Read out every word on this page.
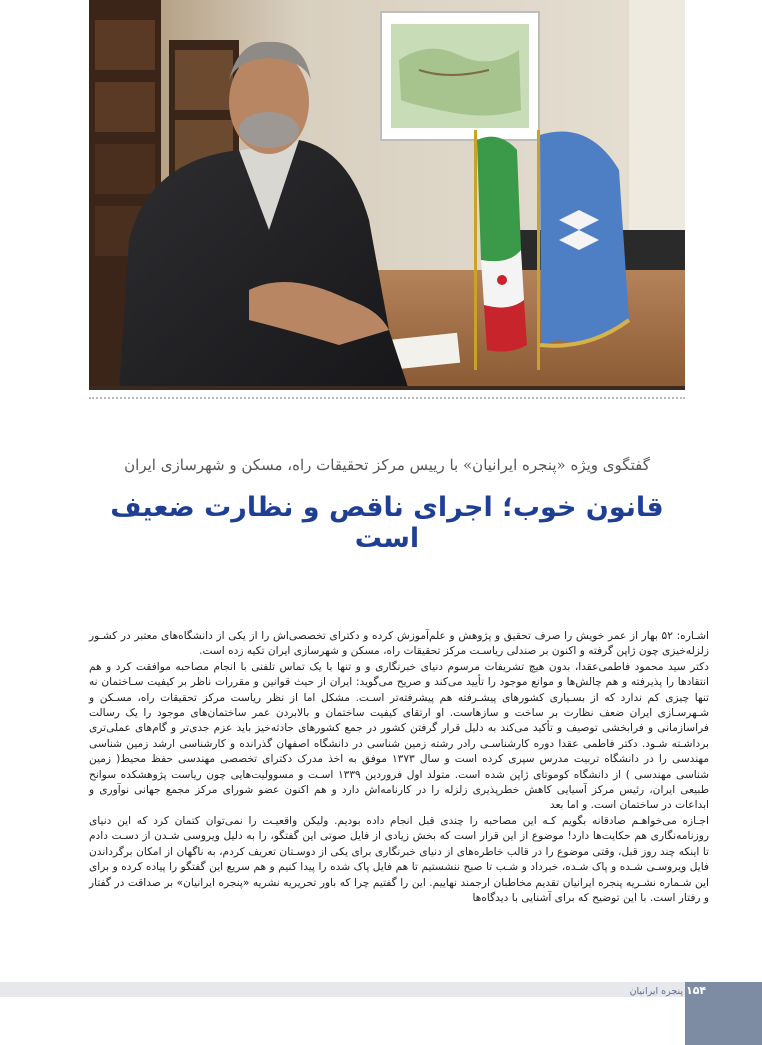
گفتگوی ویژه «پنجره ایرانیان» با رییس مرکز تحقیقات راه، مسکن و شهرسازی ایران
قانون خوب؛ اجرای ناقص و نظارت ضعیف است

اشـاره: ۵۲ بهار از عمر خویش را صرف تحقیق و پژوهش و علم‌آموزش کرده و دکترای تخصصی‌اش را از یکی از دانشگاه‌های معتبر در کشـور زلزله‌خیزی چون ژاپن گرفته و اکنون بر صندلی ریاسـت مرکز تحقیقات راه، مسکن و شهرسازی ایران تکیه زده است.

دکتر سید محمود فاطمی‌عقدا، بدون هیچ تشریفات مرسوم دنیای خبرنگاری و و تنها با یک تماس تلفنی با انجام مصاحبه موافقت کرد و هم انتقادها را پذیرفته و هم چالش‌ها و موانع موجود را تأیید می‌کند و صریح می‌گوید: ایران از حیث قوانین و مقررات ناظر بر کیفیت سـاختمان نه تنها چیزی کم ندارد که از بسـیاری کشورهای پیشـرفته هم پیشرفته‌تر اسـت. مشکل اما از نظر ریاست مرکز تحقیقات راه، مسـکن و شـهرسـازی ایران ضعف نظارت بر ساخت و سازهاست. او ارتقای کیفیت ساختمان و بالابردن عمر ساختمان‌های موجود را یک رسالت فراسازمانی و فرابخشی توصیف و تأکید می‌کند به دلیل قرار گرفتن کشور در جمع کشورهای حادثه‌خیز باید عزم جدی‌تر و گام‌های عملی‌تری برداشـته شـود. دکتر فاطمی عقدا دوره کارشناسـی رادر رشته زمین شناسی در دانشگاه اصفهان گذرانده و کارشناسی ارشد زمین شناسی مهندسی را در دانشگاه تربیت مدرس سپری کرده است و سال ۱۳۷۳ موفق به اخذ مدرک دکترای تخصصی مهندسی حفظ محیط( زمین شناسی مهندسی ) از دانشگاه کوموتای ژاپن شده است. متولد اول فروردین ۱۳۳۹ اسـت و مسوولیت‌هایی چون ریاست پژوهشکده سوانح طبیعی ایران، رئیس مرکز آسیایی کاهش خطرپذیری زلزله را در کارنامه‌اش دارد و هم اکنون عضو شورای مرکز مجمع جهانی نوآوری و ابداعات در ساختمان است. و اما بعد

اجـازه می‌خواهـم صادقانه بگویم کـه این مصاحبه را چندی قبل انجام داده بودیم. ولیکن واقعیـت را نمی‌توان کتمان کرد که این دنیای روزنامه‌نگاری هم حکایت‌ها دارد! موضوع از این قرار است که بخش زیادی از فایل صوتی این گفتگو، را به دلیل ویروسی شـدن از دسـت دادم تا اینکه چند روز قبل، وقتی موضوع را در قالب خاطره‌های از دنیای خبرنگاری برای یکی از دوسـتان تعریف کردم، به ناگهان از امکان برگرداندن فایل ویروسـی شـده و پاک شـده، خبرداد و شـب تا صبح ننشستیم تا هم فایل پاک شده را پیدا کنیم و هم سریع این گفتگو را پیاده کرده و برای این شـماره نشـریه پنجره ایرانیان تقدیم مخاطبان ارجمند نهاییم. این را گفتیم چرا که باور تحریریه نشریه «پنجره ایرانیان» بر صداقت در گفتار و رفتار است. با این توضیح که برای آشنایی با دیدگاه‌ها

۱۵۴
پنجره ایرانیان
